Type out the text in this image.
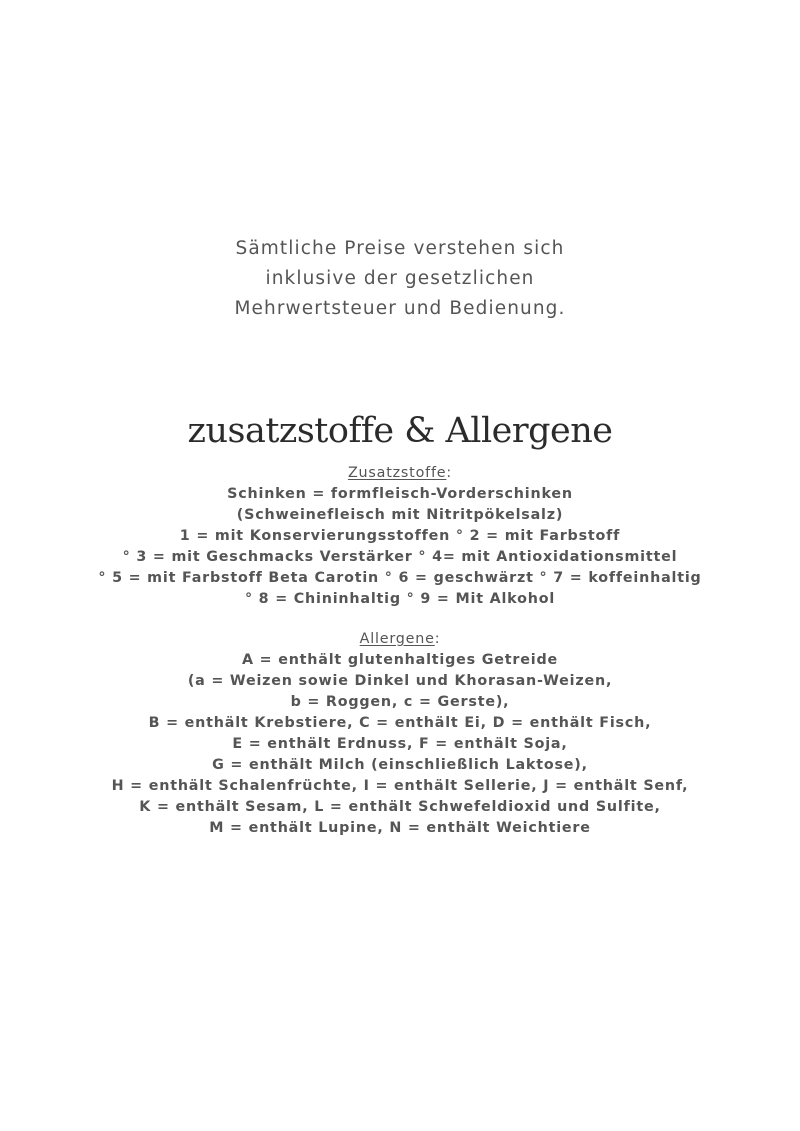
Sämtliche Preise verstehen sich
inklusive der gesetzlichen
Mehrwertsteuer und Bedienung.
zusatzstoffe & Allergene
Zusatzstoffe:
Schinken = formfleisch-Vorderschinken
(Schweinefleisch mit Nitritpökelsalz)
1 = mit Konservierungsstoffen ° 2 = mit Farbstoff
° 3 = mit Geschmacks Verstärker ° 4= mit Antioxidationsmittel
° 5 = mit Farbstoff Beta Carotin ° 6 = geschwärzt ° 7 = koffeinhaltig
° 8 = Chininhaltig ° 9 = Mit Alkohol
Allergene:
A = enthält glutenhaltiges Getreide
(a = Weizen sowie Dinkel und Khorasan-Weizen,
b = Roggen, c = Gerste),
B = enthält Krebstiere, C = enthält Ei, D = enthält Fisch,
E = enthält Erdnuss, F = enthält Soja,
G = enthält Milch (einschließlich Laktose),
H = enthält Schalenfrüchte, I = enthält Sellerie, J = enthält Senf,
K = enthält Sesam, L = enthält Schwefeldioxid und Sulfite,
M = enthält Lupine, N = enthält Weichtiere
